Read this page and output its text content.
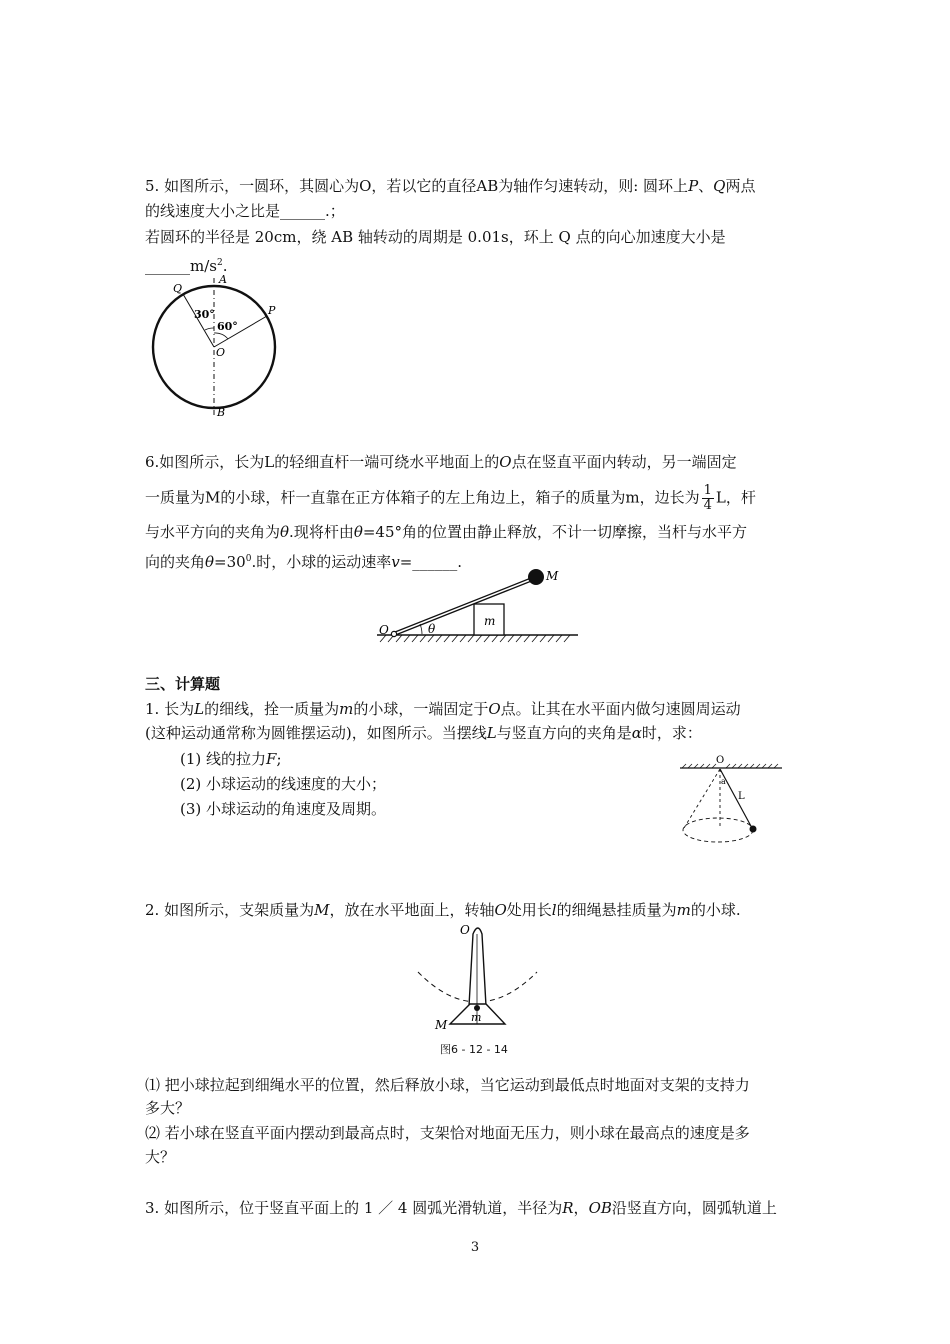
5. 如图所示，一圆环，其圆心为O，若以它的直径AB为轴作匀速转动，则: 圆环上P、Q两点
的线速度大小之比是______.；
若圆环的半径是 20cm，绕 AB 轴转动的周期是 0.01s，环上 Q 点的向心加速度大小是
$\_\_\_\_\_\_m/s^2$.
A
B
O
P
Q
30°
60°
6.如图所示，长为L的轻细直杆一端可绕水平地面上的O点在竖直平面内转动，另一端固定
一质量为M的小球，杆一直靠在正方体箱子的左上角边上，箱子的质量为m，边长为 $\frac{1}{4}$ L，杆
与水平方向的夹角为θ.现将杆由θ=45°角的位置由静止释放，不计一切摩擦，当杆与水平方
向的夹角$\theta=30^0$.时，小球的运动速率v=______.
O	θ
m
M
三、计算题
1. 长为L的细线，拴一质量为m的小球，一端固定于O点。让其在水平面内做匀速圆周运动
(这种运动通常称为圆锥摆运动)，如图所示。当摆线L与竖直方向的夹角是α时，求：
(1) 线的拉力F;
(2) 小球运动的线速度的大小；
(3) 小球运动的角速度及周期。
O
L
a
2. 如图所示，支架质量为M，放在水平地面上，转轴O处用长l的细绳悬挂质量为m的小球.
O
M
m
图6 - 12 - 14
⑴ 把小球拉起到细绳水平的位置，然后释放小球，当它运动到最低点时地面对支架的支持力
多大？
⑵ 若小球在竖直平面内摆动到最高点时，支架恰对地面无压力，则小球在最高点的速度是多
大？
3. 如图所示，位于竖直平面上的 1 ／ 4 圆弧光滑轨道，半径为R，OB沿竖直方向，圆弧轨道上
3
